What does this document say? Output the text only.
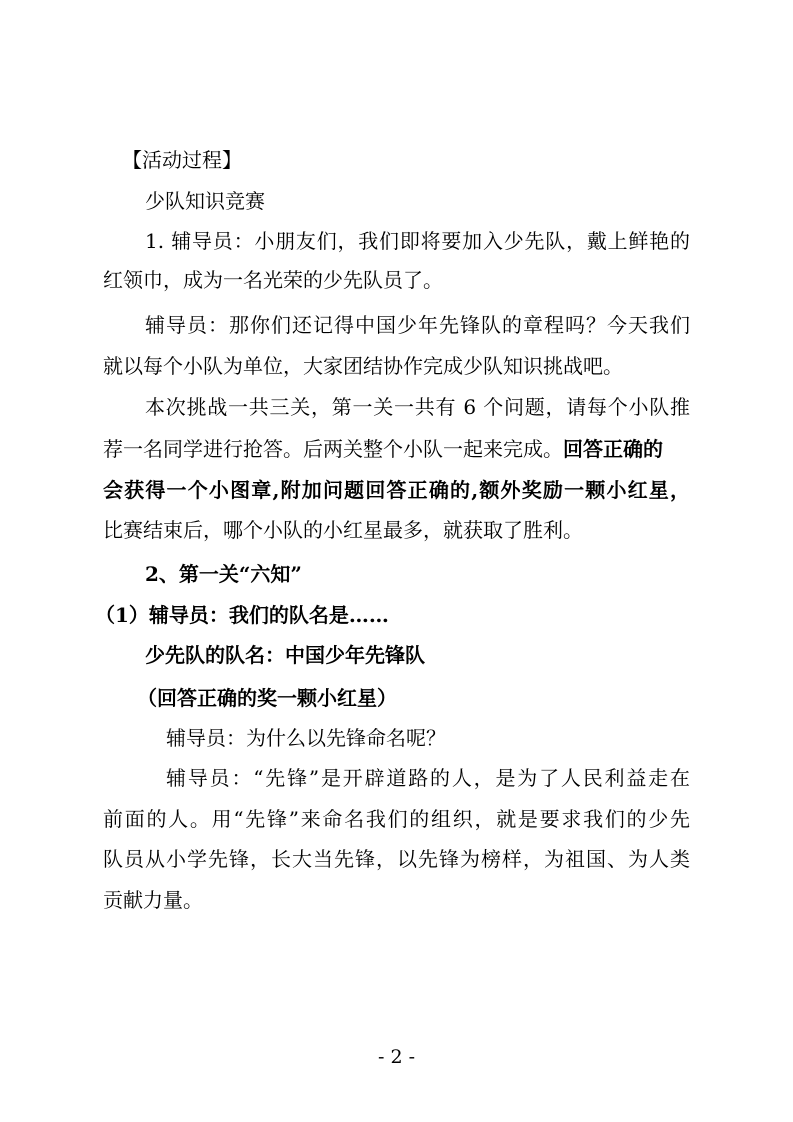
【活动过程】
少队知识竞赛
1. 辅导员：小朋友们，我们即将要加入少先队，戴上鲜艳的
红领巾，成为一名光荣的少先队员了。
辅导员：那你们还记得中国少年先锋队的章程吗？今天我们
就以每个小队为单位，大家团结协作完成少队知识挑战吧。
本次挑战一共三关，第一关一共有 6 个问题，请每个小队推
荐一名同学进行抢答。后两关整个小队一起来完成。回答正确的
会获得一个小图章,附加问题回答正确的,额外奖励一颗小红星，
比赛结束后，哪个小队的小红星最多，就获取了胜利。
2、第一关“六知”
（1）辅导员：我们的队名是……
少先队的队名：中国少年先锋队
（回答正确的奖一颗小红星）
辅导员：为什么以先锋命名呢？
辅导员：“先锋”是开辟道路的人，是为了人民利益走在
前面的人。用“先锋”来命名我们的组织，就是要求我们的少先
队员从小学先锋，长大当先锋，以先锋为榜样，为祖国、为人类
贡献力量。
- 2 -
